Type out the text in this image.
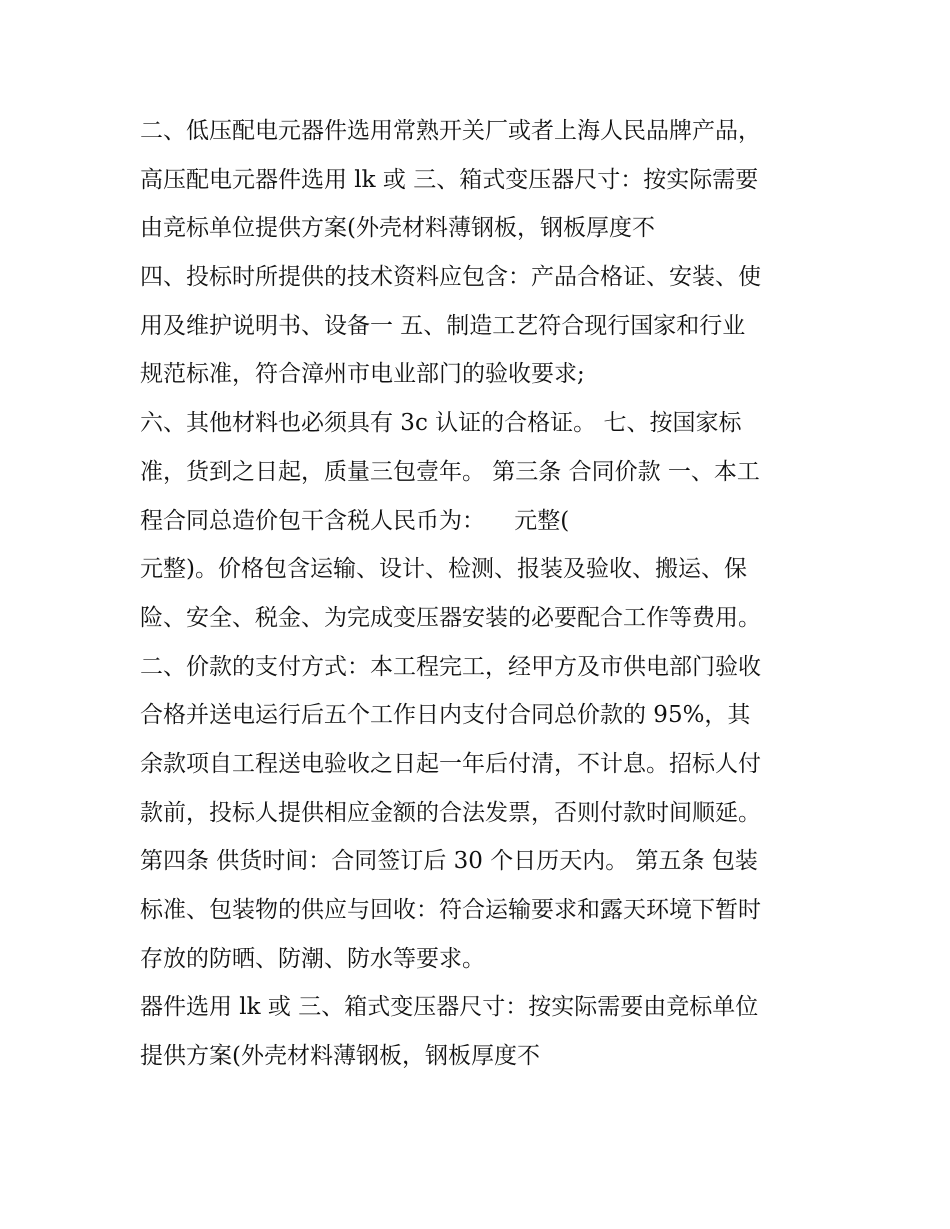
二、低压配电元器件选用常熟开关厂或者上海人民品牌产品，
高压配电元器件选用 lk 或 三、箱式变压器尺寸：按实际需要
由竞标单位提供方案(外壳材料薄钢板，钢板厚度不
四、投标时所提供的技术资料应包含：产品合格证、安装、使
用及维护说明书、设备一 五、制造工艺符合现行国家和行业
规范标准，符合漳州市电业部门的验收要求;
六、其他材料也必须具有 3c 认证的合格证。 七、按国家标
准，货到之日起，质量三包壹年。 第三条 合同价款 一、本工
程合同总造价包干含税人民币为：    元整(
元整)。价格包含运输、设计、检测、报装及验收、搬运、保
险、安全、税金、为完成变压器安装的必要配合工作等费用。
二、价款的支付方式：本工程完工，经甲方及市供电部门验收
合格并送电运行后五个工作日内支付合同总价款的 95%，其
余款项自工程送电验收之日起一年后付清，不计息。招标人付
款前，投标人提供相应金额的合法发票，否则付款时间顺延。
第四条 供货时间：合同签订后 30 个日历天内。 第五条 包装
标准、包装物的供应与回收：符合运输要求和露天环境下暂时
存放的防晒、防潮、防水等要求。
器件选用 lk 或 三、箱式变压器尺寸：按实际需要由竞标单位
提供方案(外壳材料薄钢板，钢板厚度不
